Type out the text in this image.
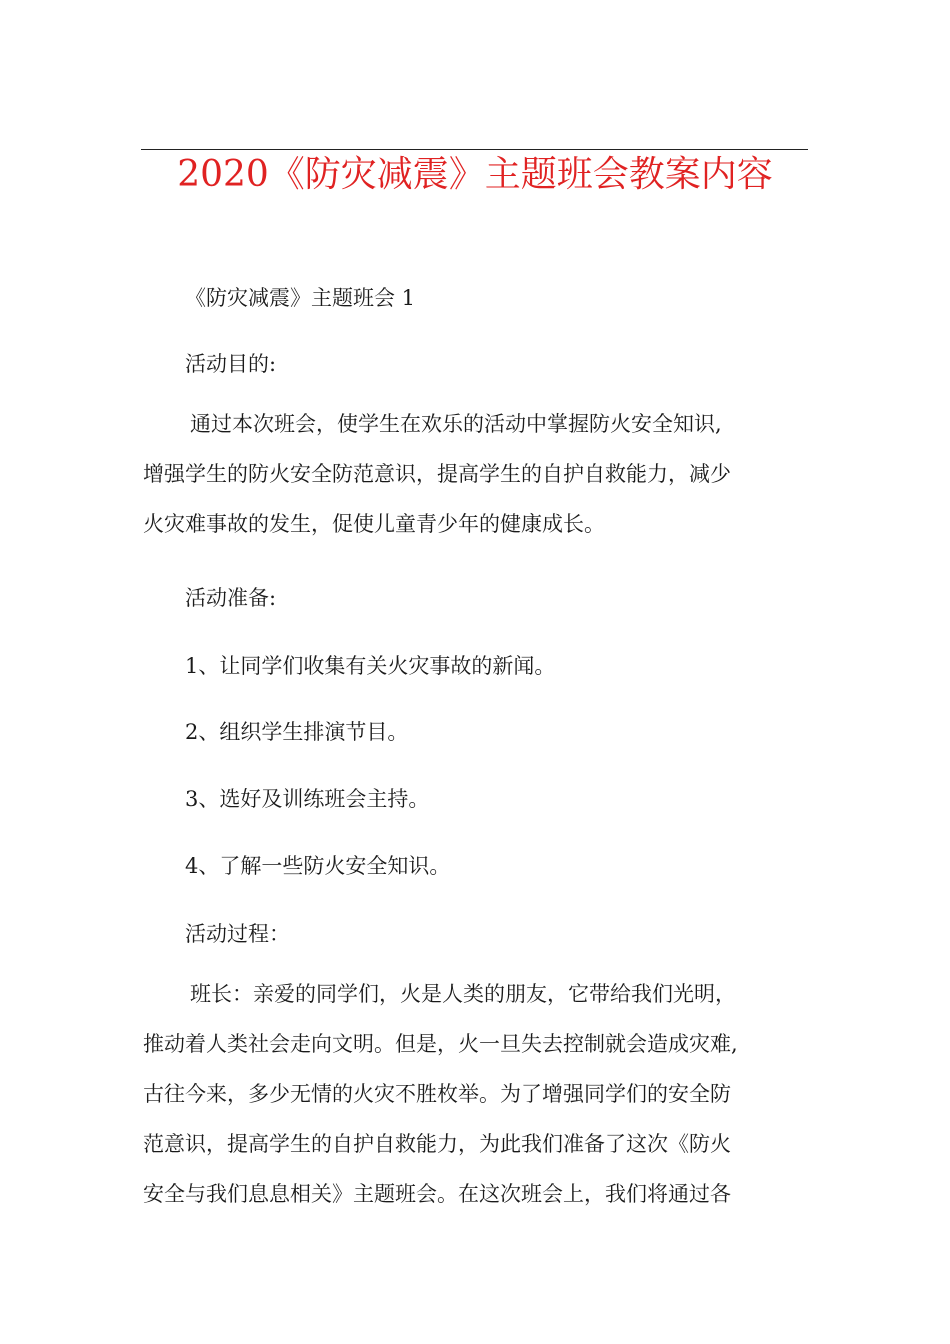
2020《防灾减震》主题班会教案内容
《防灾减震》主题班会 1
活动目的:
通过本次班会，使学生在欢乐的活动中掌握防火安全知识,
增强学生的防火安全防范意识，提高学生的自护自救能力，减少
火灾难事故的发生，促使儿童青少年的健康成长。
活动准备:
1、让同学们收集有关火灾事故的新闻。
2、组织学生排演节目。
3、选好及训练班会主持。
4、了解一些防火安全知识。
活动过程：
班长：亲爱的同学们，火是人类的朋友，它带给我们光明，
推动着人类社会走向文明。但是，火一旦失去控制就会造成灾难,
古往今来，多少无情的火灾不胜枚举。为了增强同学们的安全防
范意识，提高学生的自护自救能力，为此我们准备了这次《防火
安全与我们息息相关》主题班会。在这次班会上，我们将通过各
